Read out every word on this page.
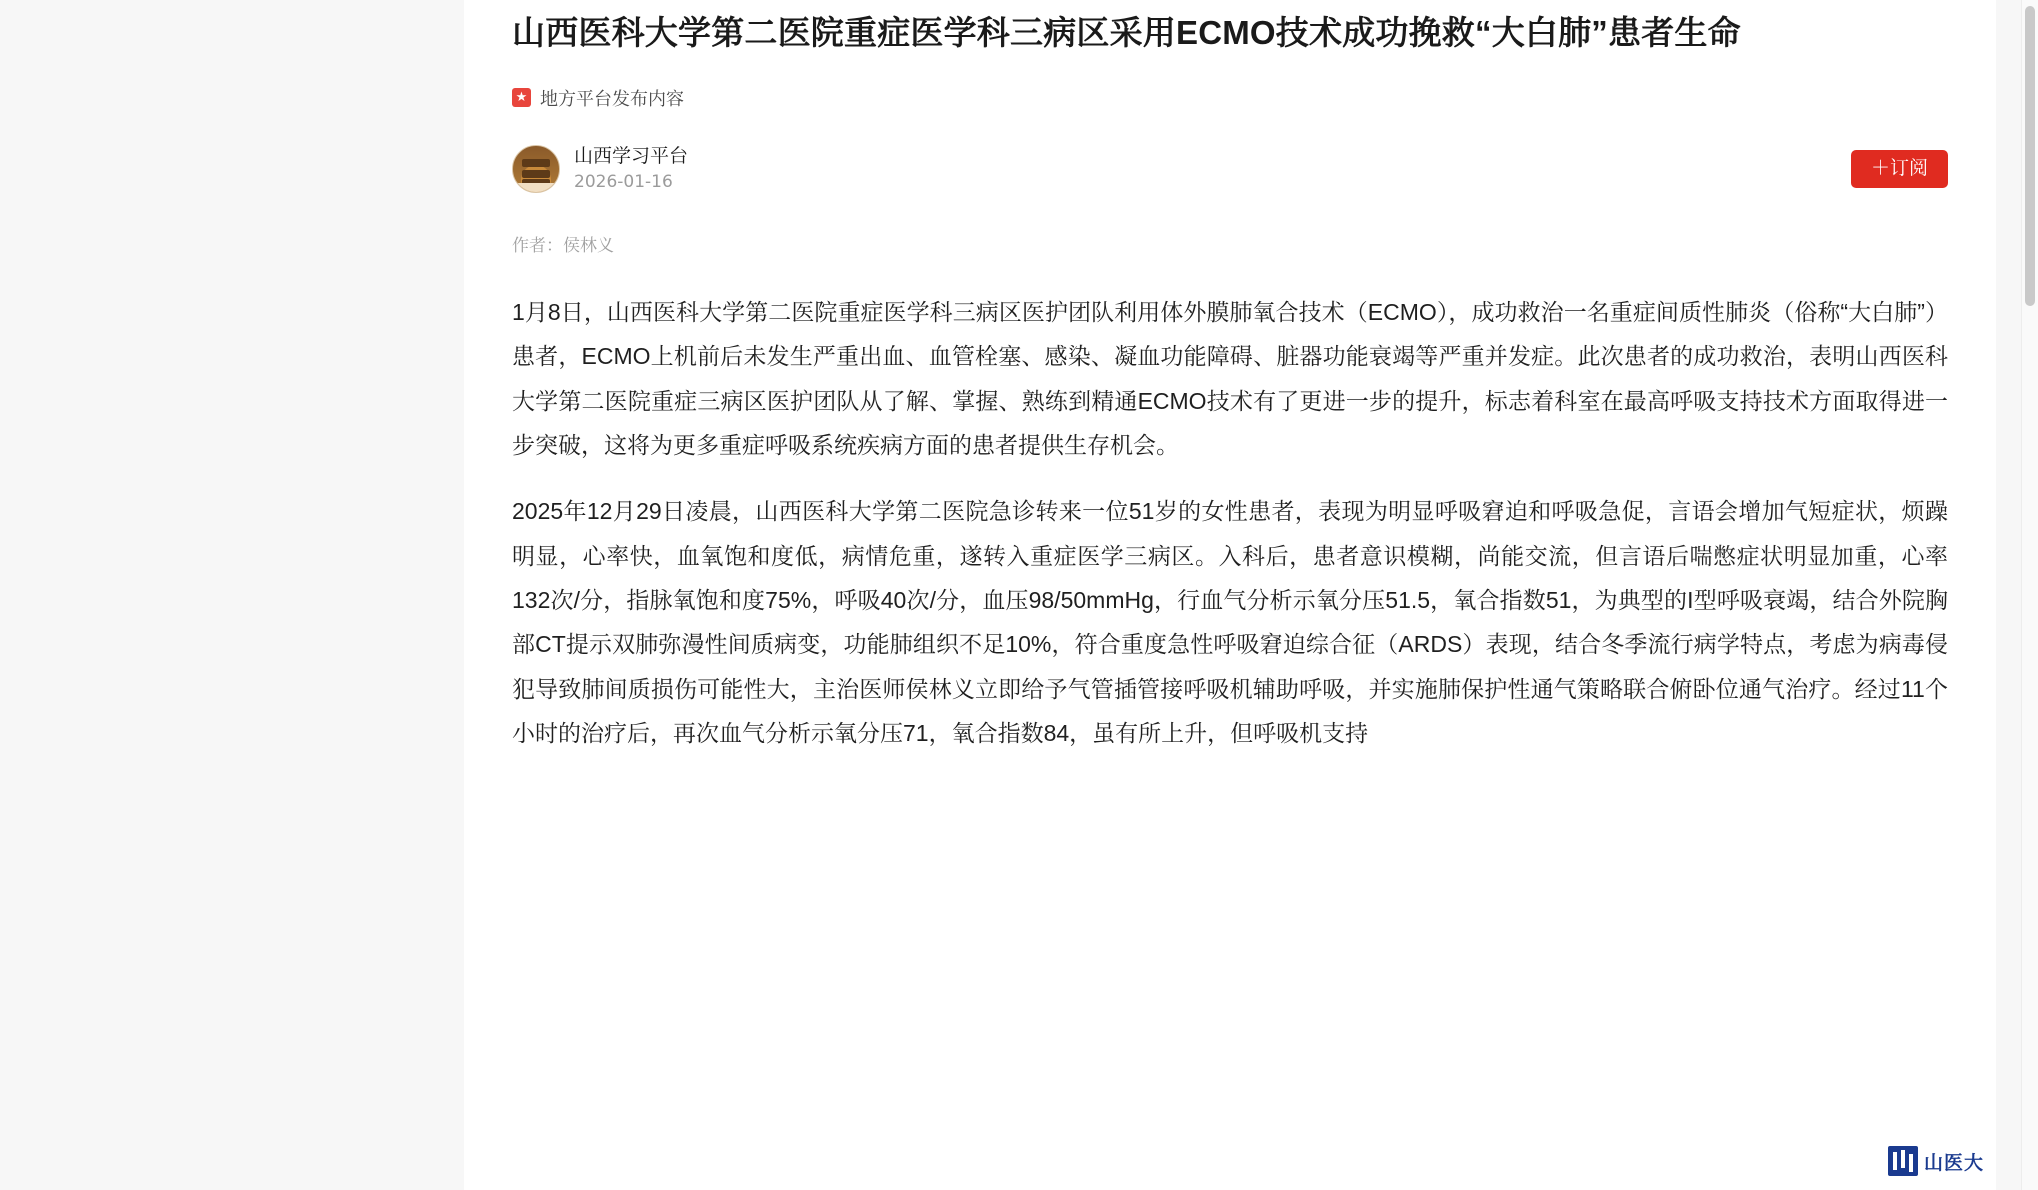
山西医科大学第二医院重症医学科三病区采用ECMO技术成功挽救“大白肺”患者生命
★ 地方平台发布内容
山西学习平台
2026-01-16
＋订阅
作者：侯林义

1月8日，山西医科大学第二医院重症医学科三病区医护团队利用体外膜肺氧合技术（ECMO），成功救治一名重症间质性肺炎（俗称“大白肺”）患者，ECMO上机前后未发生严重出血、血管栓塞、感染、凝血功能障碍、脏器功能衰竭等严重并发症。此次患者的成功救治，表明山西医科大学第二医院重症三病区医护团队从了解、掌握、熟练到精通ECMO技术有了更进一步的提升，标志着科室在最高呼吸支持技术方面取得进一步突破，这将为更多重症呼吸系统疾病方面的患者提供生存机会。

2025年12月29日凌晨，山西医科大学第二医院急诊转来一位51岁的女性患者，表现为明显呼吸窘迫和呼吸急促，言语会增加气短症状，烦躁明显，心率快，血氧饱和度低，病情危重，遂转入重症医学三病区。入科后，患者意识模糊，尚能交流，但言语后喘憋症状明显加重，心率132次/分，指脉氧饱和度75%，呼吸40次/分，血压98/50mmHg，行血气分析示氧分压51.5，氧合指数51，为典型的I型呼吸衰竭，结合外院胸部CT提示双肺弥漫性间质病变，功能肺组织不足10%，符合重度急性呼吸窘迫综合征（ARDS）表现，结合冬季流行病学特点，考虑为病毒侵犯导致肺间质损伤可能性大，主治医师侯林义立即给予气管插管接呼吸机辅助呼吸，并实施肺保护性通气策略联合俯卧位通气治疗。经过11个小时的治疗后，再次血气分析示氧分压71，氧合指数84，虽有所上升，但呼吸机支持

山医大
